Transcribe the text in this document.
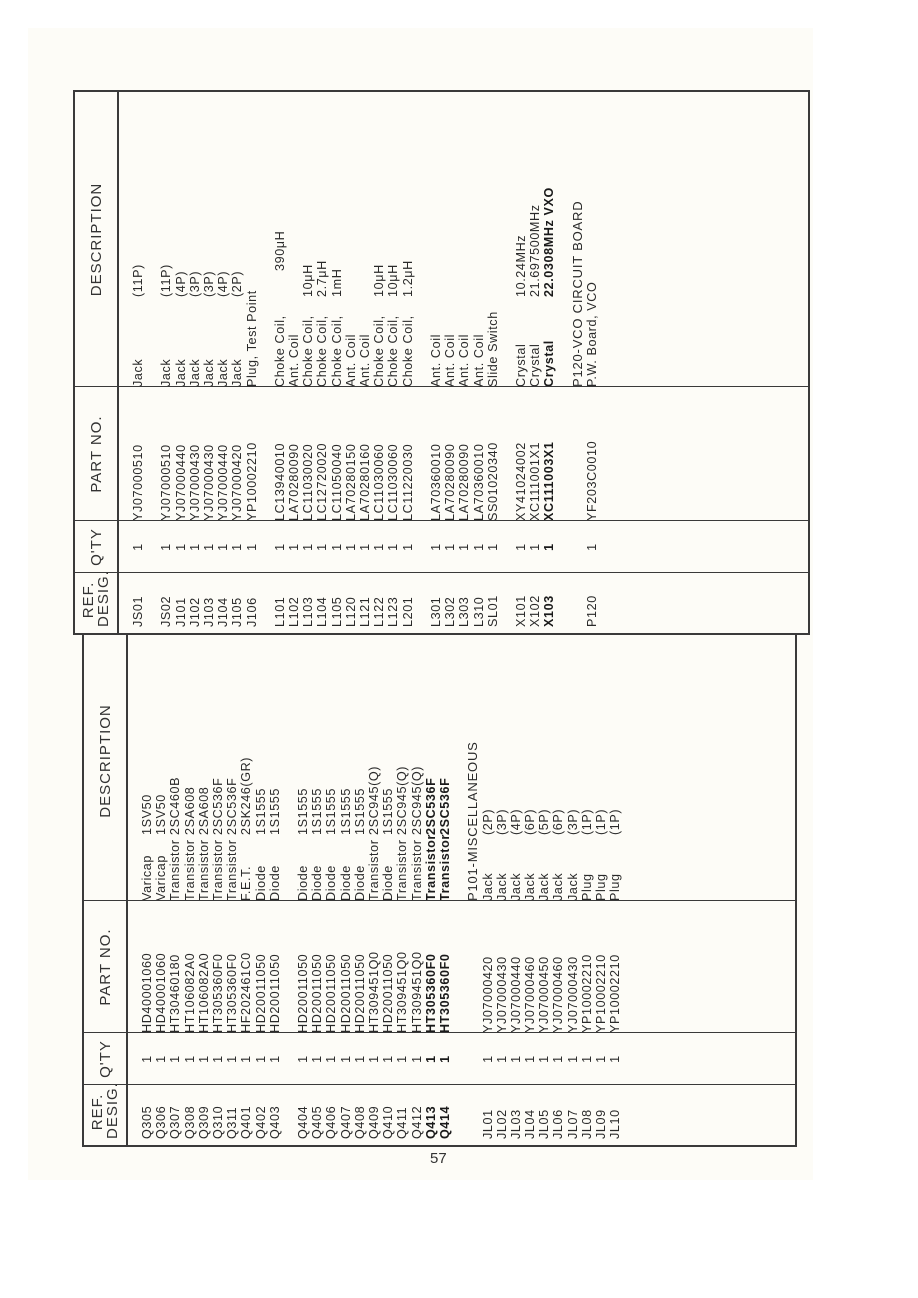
REF.
DESIG.
Q'TY
PART NO.
DESCRIPTION
Q305
1
HD40001060
Varicap
1SV50
Q306
1
HD40001060
Varicap
1SV50
Q307
1
HT30460180
Transistor
2SC460B
Q308
1
HT106082A0
Transistor
2SA608
Q309
1
HT106082A0
Transistor
2SA608
Q310
1
HT305360F0
Transistor
2SC536F
Q311
1
HT305360F0
Transistor
2SC536F
Q401
1
HF202461C0
F.E.T.
2SK246(GR)
Q402
1
HD20011050
Diode
1S1555
Q403
1
HD20011050
Diode
1S1555
Q404
1
HD20011050
Diode
1S1555
Q405
1
HD20011050
Diode
1S1555
Q406
1
HD20011050
Diode
1S1555
Q407
1
HD20011050
Diode
1S1555
Q408
1
HD20011050
Diode
1S1555
Q409
1
HT309451Q0
Transistor
2SC945(Q)
Q410
1
HD20011050
Diode
1S1555
Q411
1
HT309451Q0
Transistor
2SC945(Q)
Q412
1
HT309451Q0
Transistor
2SC945(Q)
Q413
1
HT305360F0
Transistor
2SC536F
Q414
1
HT305360F0
Transistor
2SC536F P101-MISCELLANEOUS
JL01
1
YJ07000420
Jack
(2P)
JL02
1
YJ07000430
Jack
(3P)
JL03
1
YJ07000440
Jack
(4P)
JL04
1
YJ07000460
Jack
(6P)
JL05
1
YJ07000450
Jack
(5P)
JL06
1
YJ07000460
Jack
(6P)
JL07
1
YJ07000430
Jack
(3P)
JL08
1
YP10002210
Plug
(1P)
JL09
1
YP10002210
Plug
(1P)
JL10
1
YP10002210
Plug
(1P)
REF.
DESIG.
Q'TY
PART NO.
DESCRIPTION
JS01
1
YJ07000510
Jack
(11P)
JS02
1
YJ07000510
Jack
(11P)
J101
1
YJ07000440
Jack
(4P)
J102
1
YJ07000430
Jack
(3P)
J103
1
YJ07000430
Jack
(3P)
J104
1
YJ07000440
Jack
(4P)
J105
1
YJ07000420
Jack
(2P)
J106
1
YP10002210
Plug, Test Point
L101
1
LC13940010
Choke Coil,
390μH
L102
1
LA70280090
Ant. Coil
L103
1
LC11030020
Choke Coil,
10μH
L104
1
LC12720020
Choke Coil,
2.7μH
L105
1
LC11050040
Choke Coil,
1mH
L120
1
LA70280150
Ant. Coil
L121
1
LA70280160
Ant. Coil
L122
1
LC11030060
Choke Coil,
10μH
L123
1
LC11030060
Choke Coil,
10μH
L201
1
LC11220030
Choke Coil,
1.2μH
L301
1
LA70360010
Ant. Coil
L302
1
LA70280090
Ant. Coil
L303
1
LA70280090
Ant. Coil
L310
1
LA70360010
Ant. Coil
SL01
1
SS01020340
Slide Switch
X101
1
XY41024002
Crystal
10.24MHz
X102
1
XC111001X1
Crystal
21.697500MHz
X103
1
XC111003X1
Crystal
22.0308MHz VXO P120-VCO CIRCUIT BOARD
P120
1
YF203C0010
P.W. Board, VCO
57
